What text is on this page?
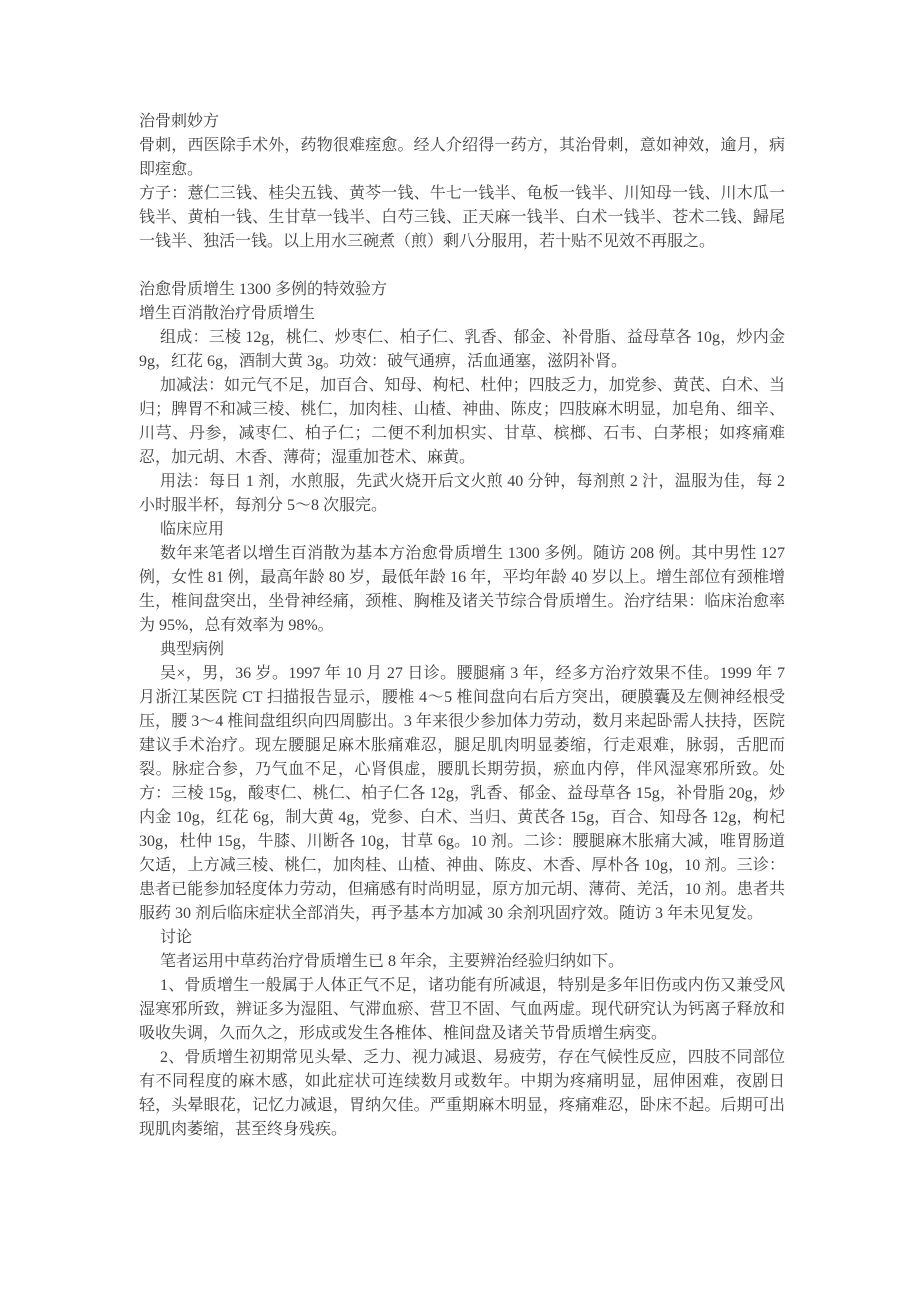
治骨刺妙方

骨刺，西医除手术外，药物很难痓愈。经人介绍得一药方，其治骨刺，意如神效，逾月，病即痓愈。

方子：薏仁三钱、桂尖五钱、黄芩一钱、牛七一钱半、龟板一钱半、川知母一钱、川木瓜一钱半、黄柏一钱、生甘草一钱半、白芍三钱、正天麻一钱半、白术一钱半、苍术二钱、歸尾一钱半、独活一钱。以上用水三碗煮（煎）剩八分服用，若十贴不见效不再服之。

治愈骨质增生 1300 多例的特效验方

增生百消散治疗骨质增生

组成：三棱 12g，桃仁、炒枣仁、柏子仁、乳香、郁金、补骨脂、益母草各 10g，炒内金 9g，红花 6g，酒制大黄 3g。功效：破气通痹，活血通塞，滋阴补肾。

加减法：如元气不足，加百合、知母、枸杞、杜仲；四肢乏力，加党参、黄芪、白术、当归；脾胃不和减三棱、桃仁，加肉桂、山楂、神曲、陈皮；四肢麻木明显，加皂角、细辛、川芎、丹参，减枣仁、柏子仁；二便不利加枳实、甘草、槟榔、石韦、白茅根；如疼痛难忍，加元胡、木香、薄荷；湿重加苍术、麻黄。

用法：每日 1 剂，水煎服，先武火烧开后文火煎 40 分钟，每剂煎 2 汁，温服为佳，每 2 小时服半杯，每剂分 5～8 次服完。

临床应用

数年来笔者以增生百消散为基本方治愈骨质增生 1300 多例。随访 208 例。其中男性 127 例，女性 81 例，最高年龄 80 岁，最低年龄 16 年，平均年龄 40 岁以上。增生部位有颈椎增生，椎间盘突出，坐骨神经痛，颈椎、胸椎及诸关节综合骨质增生。治疗结果：临床治愈率为 95%，总有效率为 98%。

典型病例

吴×，男，36 岁。1997 年 10 月 27 日诊。腰腿痛 3 年，经多方治疗效果不佳。1999 年 7 月浙江某医院 CT 扫描报告显示，腰椎 4～5 椎间盘向右后方突出，硬膜囊及左侧神经根受压，腰 3～4 椎间盘组织向四周膨出。3 年来很少参加体力劳动，数月来起卧需人扶持，医院建议手术治疗。现左腰腿足麻木胀痛难忍，腿足肌肉明显萎缩，行走艰难，脉弱，舌肥而裂。脉症合参，乃气血不足，心肾俱虚，腰肌长期劳损，瘀血内停，伴风湿寒邪所致。处方：三棱 15g，酸枣仁、桃仁、柏子仁各 12g，乳香、郁金、益母草各 15g，补骨脂 20g，炒内金 10g，红花 6g，制大黄 4g，党参、白术、当归、黄芪各 15g，百合、知母各 12g，枸杞 30g，杜仲 15g，牛膝、川断各 10g，甘草 6g。10 剂。二诊：腰腿麻木胀痛大减，唯胃肠道欠适，上方减三棱、桃仁，加肉桂、山楂、神曲、陈皮、木香、厚朴各 10g，10 剂。三诊：患者已能参加轻度体力劳动，但痛感有时尚明显，原方加元胡、薄荷、羌活，10 剂。患者共服药 30 剂后临床症状全部消失，再予基本方加减 30 余剂巩固疗效。随访 3 年未见复发。

讨论

笔者运用中草药治疗骨质增生已 8 年余，主要辨治经验归纳如下。

1、骨质增生一般属于人体正气不足，诸功能有所减退，特别是多年旧伤或内伤又兼受风湿寒邪所致，辨证多为湿阻、气滞血瘀、营卫不固、气血两虚。现代研究认为钙离子释放和吸收失调，久而久之，形成或发生各椎体、椎间盘及诸关节骨质增生病变。

2、骨质增生初期常见头晕、乏力、视力减退、易疲劳，存在气候性反应，四肢不同部位有不同程度的麻木感，如此症状可连续数月或数年。中期为疼痛明显，屈伸困难，夜剧日轻，头晕眼花，记忆力减退，胃纳欠佳。严重期麻木明显，疼痛难忍，卧床不起。后期可出现肌肉萎缩，甚至终身残疾。
